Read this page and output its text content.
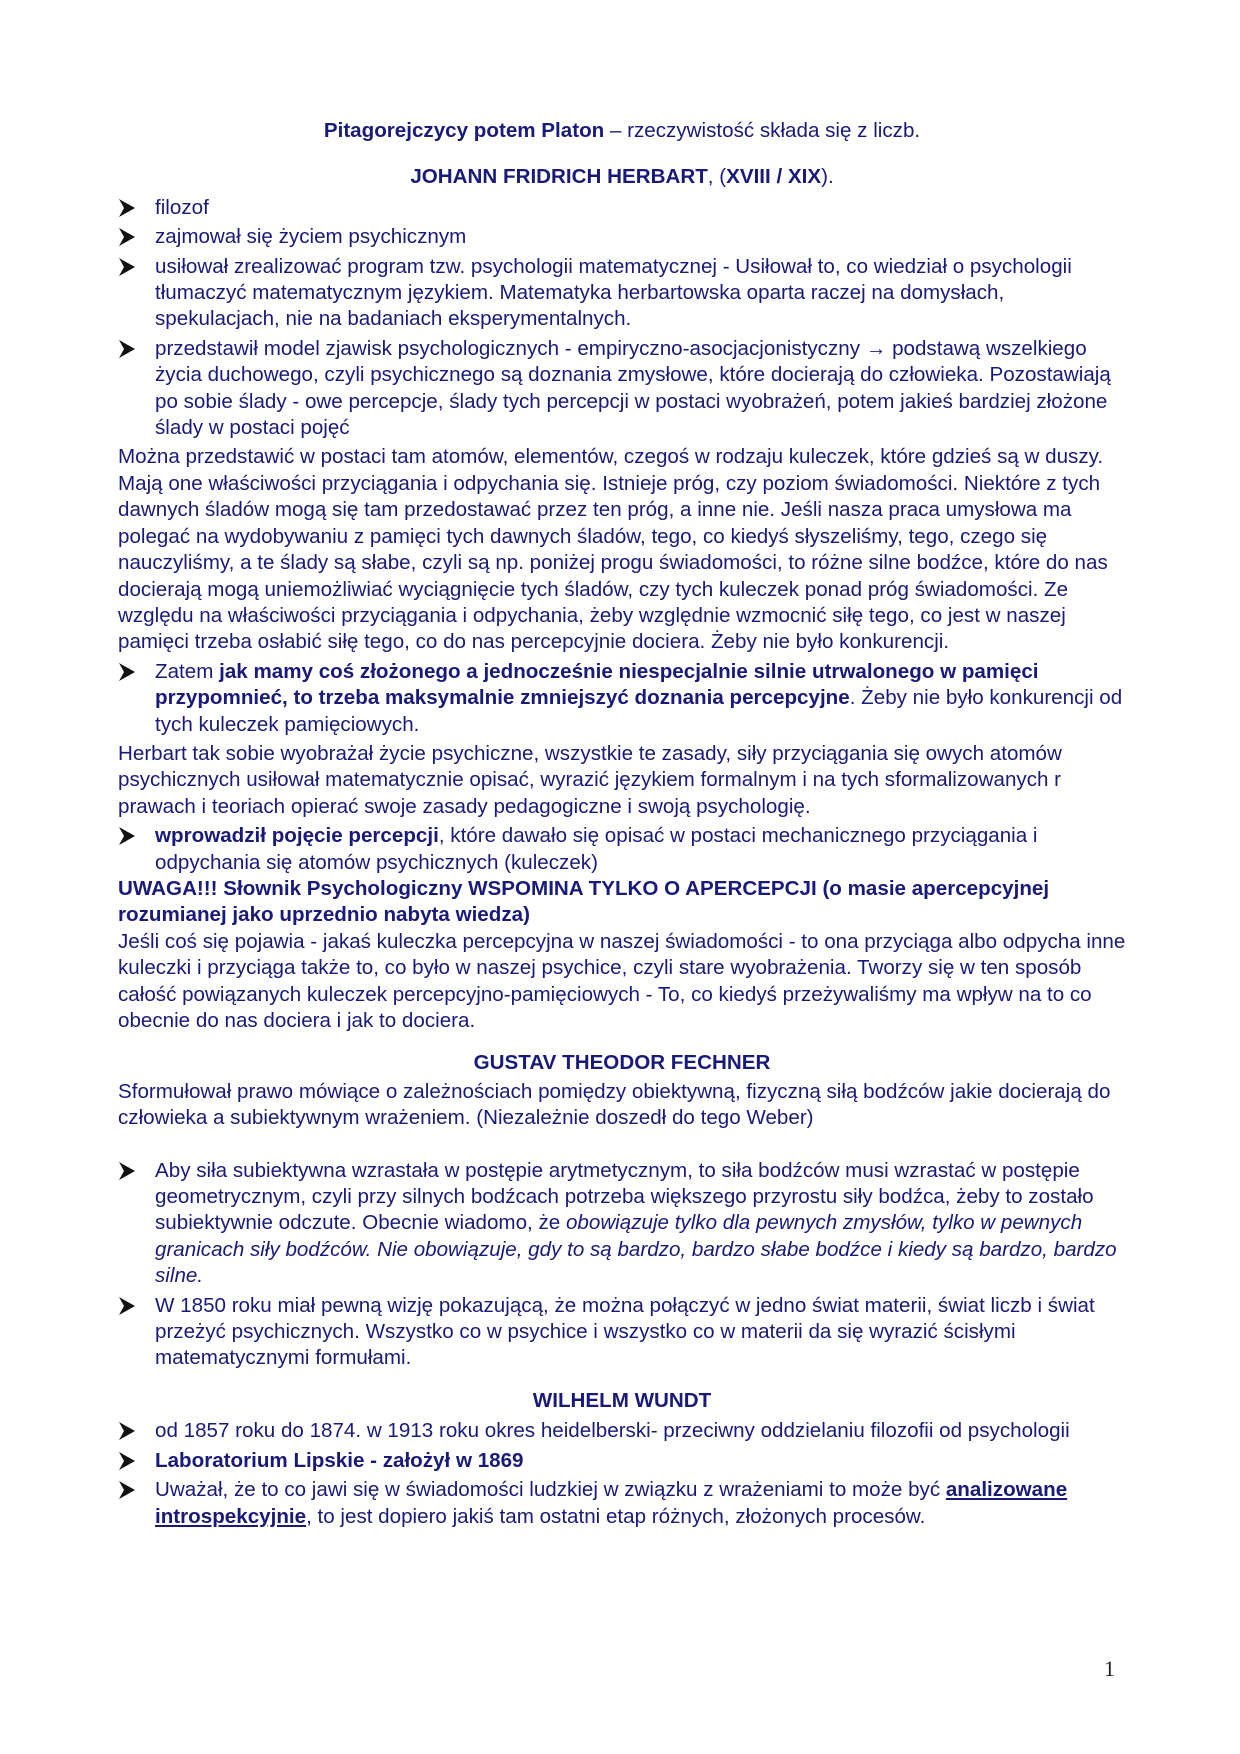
Pitagorejczycy potem Platon – rzeczywistość składa się z liczb.

JOHANN FRIDRICH HERBART, (XVIII / XIX).

filozof
zajmował się życiem psychicznym
usiłował zrealizować program tzw. psychologii matematycznej - Usiłował to, co wiedział o psychologii tłumaczyć matematycznym językiem. Matematyka herbartowska oparta raczej na domysłach, spekulacjach, nie na badaniach eksperymentalnych.
przedstawił model zjawisk psychologicznych - empiryczno-asocjacjonistyczny → podstawą wszelkiego życia duchowego, czyli psychicznego są doznania zmysłowe, które docierają do człowieka. Pozostawiają po sobie ślady - owe percepcje, ślady tych percepcji w postaci wyobrażeń, potem jakieś bardziej złożone ślady w postaci pojęć

Można przedstawić w postaci tam atomów, elementów, czegoś w rodzaju kuleczek, które gdzieś są w duszy. Mają one właściwości przyciągania i odpychania się. Istnieje próg, czy poziom świadomości. Niektóre z tych dawnych śladów mogą się tam przedostawać przez ten próg, a inne nie. Jeśli nasza praca umysłowa ma polegać na wydobywaniu z pamięci tych dawnych śladów, tego, co kiedyś słyszeliśmy, tego, czego się nauczyliśmy, a te ślady są słabe, czyli są np. poniżej progu świadomości, to różne silne bodźce, które do nas docierają mogą uniemożliwiać wyciągnięcie tych śladów, czy tych kuleczek ponad próg świadomości. Ze względu na właściwości przyciągania i odpychania, żeby względnie wzmocnić siłę tego, co jest w naszej pamięci trzeba osłabić siłę tego, co do nas percepcyjnie dociera. Żeby nie było konkurencji.

Zatem jak mamy coś złożonego a jednocześnie niespecjalnie silnie utrwalonego w pamięci przypomnieć, to trzeba maksymalnie zmniejszyć doznania percepcyjne. Żeby nie było konkurencji od tych kuleczek pamięciowych.

Herbart tak sobie wyobrażał życie psychiczne, wszystkie te zasady, siły przyciągania się owych atomów psychicznych usiłował matematycznie opisać, wyrazić językiem formalnym i na tych sformalizowanych r prawach i teoriach opierać swoje zasady pedagogiczne i swoją psychologię.

wprowadził pojęcie percepcji, które dawało się opisać w postaci mechanicznego przyciągania i odpychania się atomów psychicznych (kuleczek)

UWAGA!!! Słownik Psychologiczny WSPOMINA TYLKO O APERCEPCJI (o masie apercepcyjnej rozumianej jako uprzednio nabyta wiedza)

Jeśli coś się pojawia - jakaś kuleczka percepcyjna w naszej świadomości - to ona przyciąga albo odpycha inne kuleczki i przyciąga także to, co było w naszej psychice, czyli stare wyobrażenia. Tworzy się w ten sposób całość powiązanych kuleczek percepcyjno-pamięciowych - To, co kiedyś przeżywaliśmy ma wpływ na to co obecnie do nas dociera i jak to dociera.

GUSTAV THEODOR FECHNER

Sformułował prawo mówiące o zależnościach pomiędzy obiektywną, fizyczną siłą bodźców jakie docierają do człowieka a subiektywnym wrażeniem. (Niezależnie doszedł do tego Weber)

Aby siła subiektywna wzrastała w postępie arytmetycznym, to siła bodźców musi wzrastać w postępie geometrycznym, czyli przy silnych bodźcach potrzeba większego przyrostu siły bodźca, żeby to zostało subiektywnie odczute. Obecnie wiadomo, że obowiązuje tylko dla pewnych zmysłów, tylko w pewnych granicach siły bodźców. Nie obowiązuje, gdy to są bardzo, bardzo słabe bodźce i kiedy są bardzo, bardzo silne.
W 1850 roku miał pewną wizję pokazującą, że można połączyć w jedno świat materii, świat liczb i świat przeżyć psychicznych. Wszystko co w psychice i wszystko co w materii da się wyrazić ścisłymi matematycznymi formułami.

WILHELM WUNDT

od 1857 roku do 1874. w 1913 roku okres heidelberski- przeciwny oddzielaniu filozofii od psychologii
Laboratorium Lipskie - założył w 1869
Uważał, że to co jawi się w świadomości ludzkiej w związku z wrażeniami to może być analizowane introspekcyjnie, to jest dopiero jakiś tam ostatni etap różnych, złożonych procesów.
1
